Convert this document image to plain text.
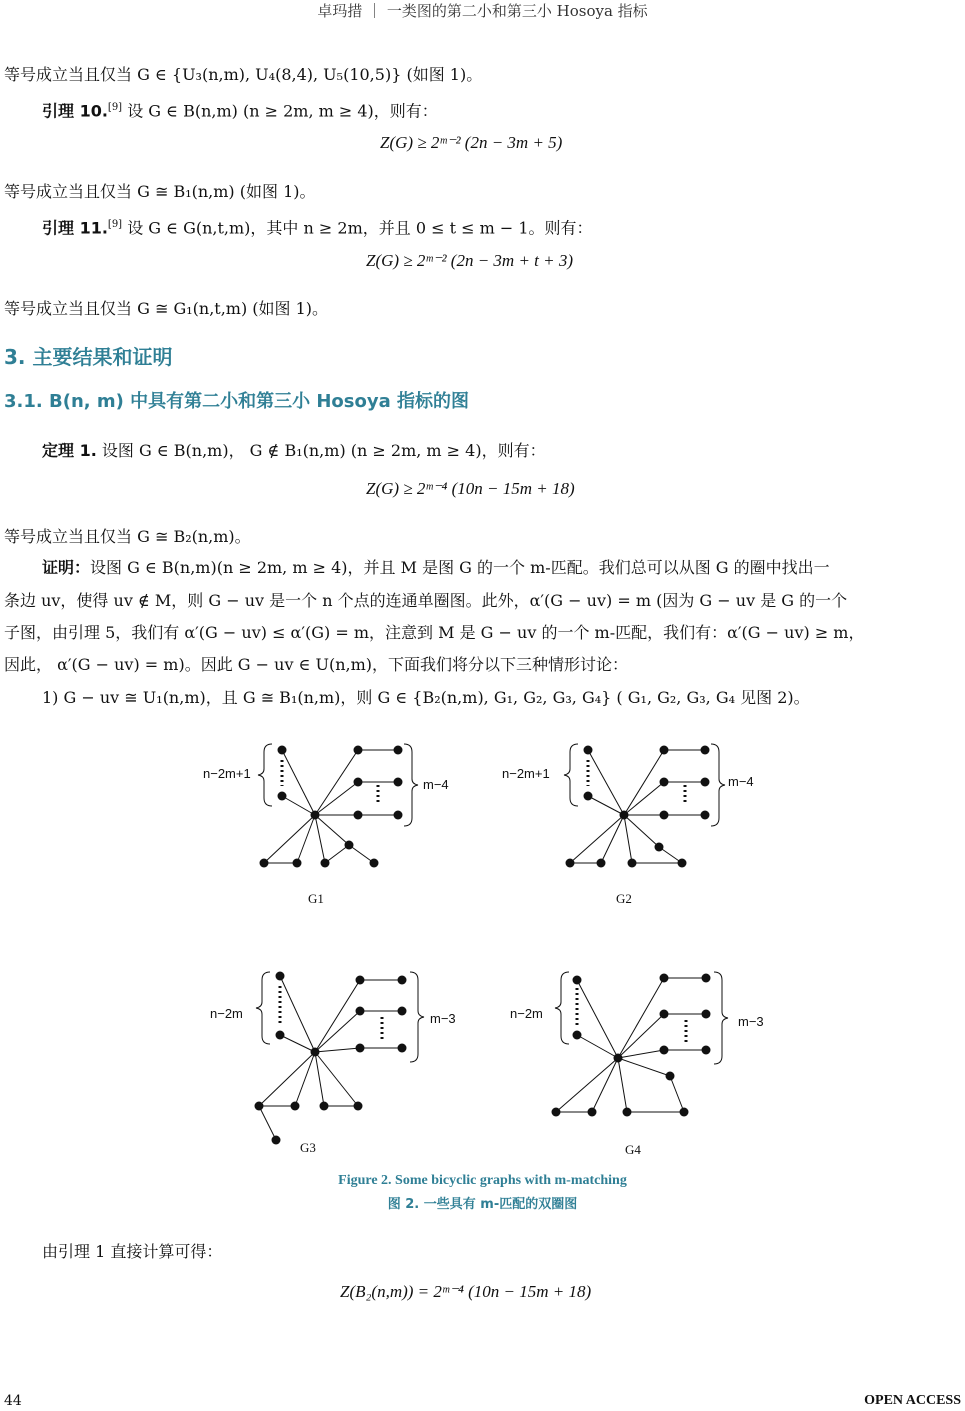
卓玛措 ｜ 一类图的第二小和第三小 Hosoya 指标
等号成立当且仅当 G ∈ {U₃(n,m), U₄(8,4), U₅(10,5)} (如图 1)。
引理 10.[9] 设 G ∈ B(n,m) (n ≥ 2m, m ≥ 4)，则有：
Z(G) ≥ 2ᵐ⁻² (2n − 3m + 5)
等号成立当且仅当 G ≅ B₁(n,m) (如图 1)。
引理 11.[9] 设 G ∈ G(n,t,m)，其中 n ≥ 2m，并且 0 ≤ t ≤ m − 1。则有：
Z(G) ≥ 2ᵐ⁻² (2n − 3m + t + 3)
等号成立当且仅当 G ≅ G₁(n,t,m) (如图 1)。
3. 主要结果和证明
3.1. B(n, m) 中具有第二小和第三小 Hosoya 指标的图
定理 1. 设图 G ∈ B(n,m)， G ∉ B₁(n,m) (n ≥ 2m, m ≥ 4)，则有：
Z(G) ≥ 2ᵐ⁻⁴ (10n − 15m + 18)
等号成立当且仅当 G ≅ B₂(n,m)。
证明：设图 G ∈ B(n,m)(n ≥ 2m, m ≥ 4)，并且 M 是图 G 的一个 m-匹配。我们总可以从图 G 的圈中找出一
条边 uv，使得 uv ∉ M，则 G − uv 是一个 n 个点的连通单圈图。此外，α′(G − uv) = m (因为 G − uv 是 G 的一个
子图，由引理 5，我们有 α′(G − uv) ≤ α′(G) = m，注意到 M 是 G − uv 的一个 m-匹配，我们有：α′(G − uv) ≥ m，
因此， α′(G − uv) = m)。因此 G − uv ∈ U(n,m)，下面我们将分以下三种情形讨论：
1) G − uv ≅ U₁(n,m)，且 G ≅ B₁(n,m)，则 G ∈ {B₂(n,m), G₁, G₂, G₃, G₄} ( G₁, G₂, G₃, G₄ 见图 2)。
n−2m+1
m−4
G1
n−2m+1
m−4
G2
n−2m	m−3
G3
n−2m
m−3
G4
Figure 2. Some bicyclic graphs with m-matching
图 2. 一些具有 m-匹配的双圈图
由引理 1 直接计算可得：
Z(B₂(n,m)) = 2ᵐ⁻⁴ (10n − 15m + 18)
44	OPEN ACCESS
